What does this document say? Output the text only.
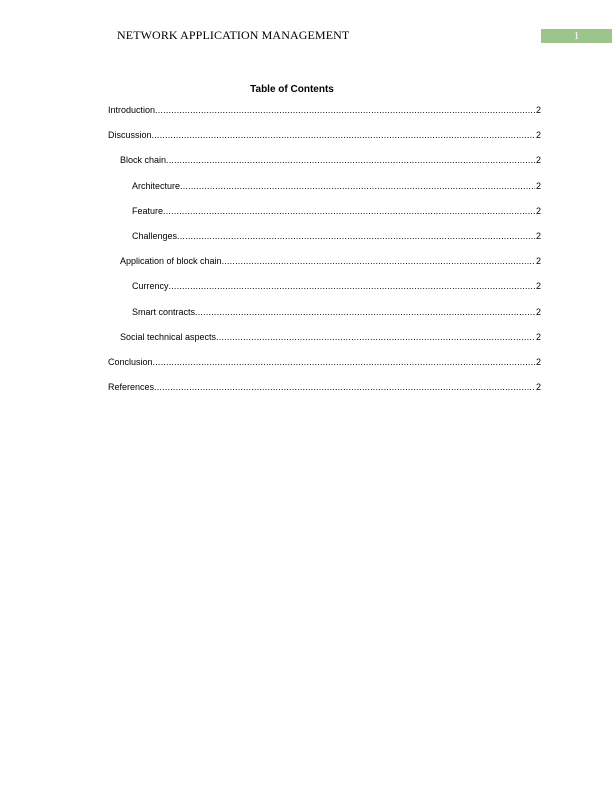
NETWORK APPLICATION MANAGEMENT	1
Table of Contents
Introduction .....	2
Discussion .....	2
Block chain .....	2
Architecture .....	2
Feature .....	2
Challenges .....	2
Application of block chain .....	2
Currency .....	2
Smart contracts .....	2
Social technical aspects .....	2
Conclusion .....	2
References .....	2
